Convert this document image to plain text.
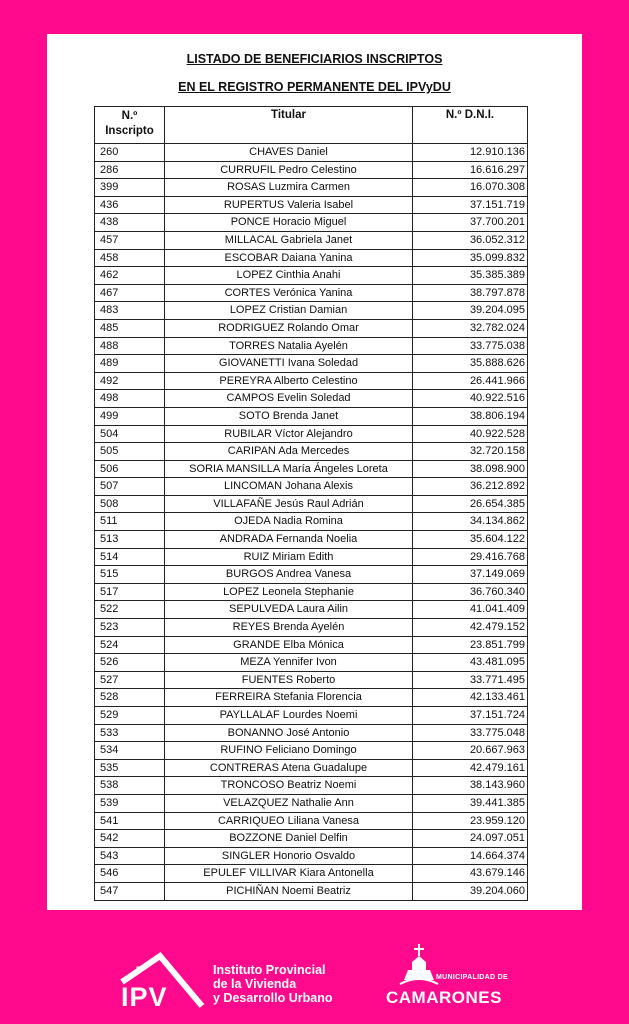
LISTADO DE BENEFICIARIOS INSCRIPTOS
EN EL REGISTRO PERMANENTE DEL IPVyDU
N.º
Inscripto	Titular	N.º D.N.I.
260	CHAVES Daniel	12.910.136
286	CURRUFIL Pedro Celestino	16.616.297
399	ROSAS Luzmira Carmen	16.070.308
436	RUPERTUS Valeria Isabel	37.151.719
438	PONCE Horacio Miguel	37.700.201
457	MILLACAL Gabriela Janet	36.052.312
458	ESCOBAR Daiana Yanina	35.099.832
462	LOPEZ Cinthia Anahi	35.385.389
467	CORTES Verónica Yanina	38.797.878
483	LOPEZ Cristian Damian	39.204.095
485	RODRIGUEZ Rolando Omar	32.782.024
488	TORRES Natalia Ayelén	33.775.038
489	GIOVANETTI Ivana Soledad	35.888.626
492	PEREYRA Alberto Celestino	26.441.966
498	CAMPOS Evelin Soledad	40.922.516
499	SOTO Brenda Janet	38.806.194
504	RUBILAR Víctor Alejandro	40.922.528
505	CARIPAN Ada Mercedes	32.720.158
506	SORIA MANSILLA María Ángeles Loreta	38.098.900
507	LINCOMAN Johana Alexis	36.212.892
508	VILLAFAÑE Jesús Raul Adrián	26.654.385
511	OJEDA Nadia Romina	34.134.862
513	ANDRADA Fernanda Noelia	35.604.122
514	RUIZ Miriam Edith	29.416.768
515	BURGOS Andrea Vanesa	37.149.069
517	LOPEZ Leonela Stephanie	36.760.340
522	SEPULVEDA Laura Ailin	41.041.409
523	REYES Brenda Ayelén	42.479.152
524	GRANDE Elba Mónica	23.851.799
526	MEZA Yennifer Ivon	43.481.095
527	FUENTES Roberto	33.771.495
528	FERREIRA Stefania Florencia	42.133.461
529	PAYLLALAF Lourdes Noemi	37.151.724
533	BONANNO José Antonio	33.775.048
534	RUFINO Feliciano Domingo	20.667.963
535	CONTRERAS Atena Guadalupe	42.479.161
538	TRONCOSO Beatriz Noemi	38.143.960
539	VELAZQUEZ Nathalie Ann	39.441.385
541	CARRIQUEO Liliana Vanesa	23.959.120
542	BOZZONE Daniel Delfin	24.097.051
543	SINGLER Honorio Osvaldo	14.664.374
546	EPULEF VILLIVAR Kiara Antonella	43.679.146
547	PICHIÑAN Noemi Beatriz	39.204.060
IPV
Instituto Provincial
de la Vivienda
y Desarrollo Urbano
MUNICIPALIDAD DE
CAMARONES
